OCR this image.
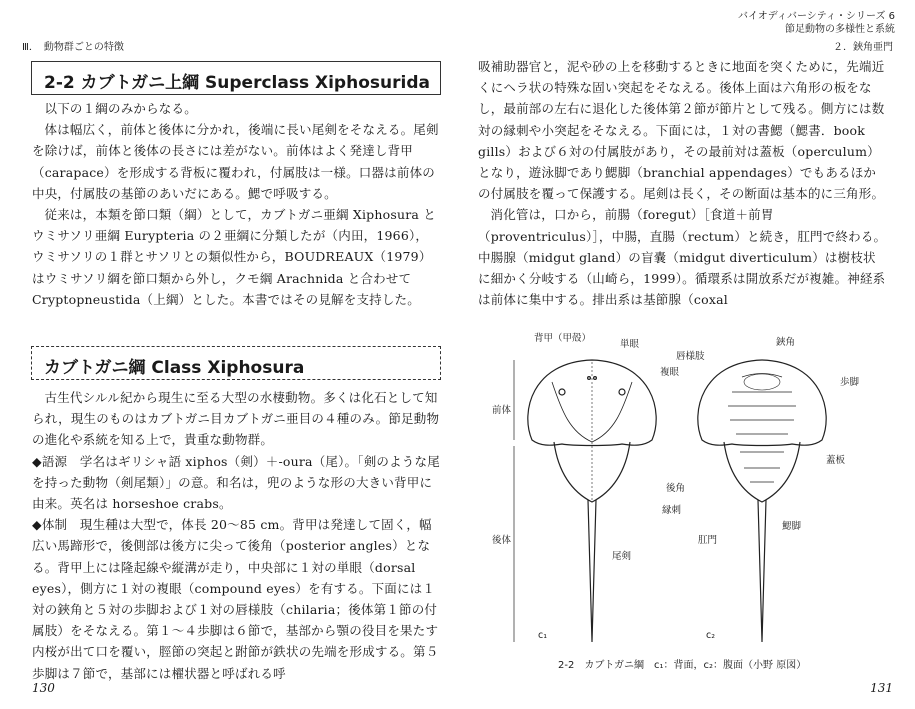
Ⅲ．　動物群ごとの特徴
2-2 カブトガニ上綱 Superclass Xiphosurida

以下の１綱のみからなる。

体は幅広く，前体と後体に分かれ，後端に長い尾剣をそなえる。尾剣を除けば，前体と後体の長さには差がない。前体はよく発達し背甲（carapace）を形成する背板に覆われ，付属肢は一様。口器は前体の中央，付属肢の基節のあいだにある。鰓で呼吸する。

従来は，本類を節口類（綱）として，カブトガニ亜綱 Xiphosura とウミサソリ亜綱 Eurypteria の２亜綱に分類したが（内田，1966），ウミサソリの１群とサソリとの類似性から，BOUDREAUX（1979）はウミサソリ綱を節口類から外し，クモ綱 Arachnida と合わせて Cryptopneustida（上綱）とした。本書ではその見解を支持した。

カブトガニ綱 Class Xiphosura

古生代シルル紀から現生に至る大型の水棲動物。多くは化石として知られ，現生のものはカブトガニ目カブトガニ亜目の４種のみ。節足動物の進化や系統を知る上で，貴重な動物群。

◆語源　学名はギリシャ語 xiphos（剣）＋-oura（尾）。「剣のような尾を持った動物（剣尾類）」の意。和名は，兜のような形の大きい背甲に由来。英名は horseshoe crabs。

◆体制　現生種は大型で，体長 20〜85 cm。背甲は発達して固く，幅広い馬蹄形で，後側部は後方に尖って後角（posterior angles）となる。背甲上には隆起線や縦溝が走り，中央部に１対の単眼（dorsal eyes），側方に１対の複眼（compound eyes）を有する。下面には１対の鋏角と５対の歩脚および１対の唇様肢（chilaria；後体第１節の付属肢）をそなえる。第１〜４歩脚は６節で，基部から顎の役目を果たす内桜が出て口を覆い，脛節の突起と跗節が鉄状の先端を形成する。第５歩脚は７節で，基部には櫂状器と呼ばれる呼

130
バイオディバーシティ・シリーズ 6
節足動物の多様性と系統
２．鋏角亜門

吸補助器官と，泥や砂の上を移動するときに地面を突くために，先端近くにヘラ状の特殊な固い突起をそなえる。後体上面は六角形の板をなし，最前部の左右に退化した後体第２節が節片として残る。側方には数対の縁刺や小突起をそなえる。下面には，１対の書鰓（鰓書．book gills）および６対の付属肢があり，その最前対は蓋板（operculum）となり，遊泳脚であり鰓脚（branchial appendages）でもあるほかの付属肢を覆って保護する。尾剣は長く，その断面は基本的に三角形。

消化管は，口から，前腸（foregut）［食道＋前胃（proventriculus）］，中腸，直腸（rectum）と続き，肛門で終わる。中腸腺（midgut gland）の盲嚢（midgut diverticulum）は樹枝状に細かく分岐する（山崎ら，1999）。循環系は開放系だが複雑。神経系は前体に集中する。排出系は基節腺（coxal

背甲（甲殻）
単眼
複眼
前体
後角
縁刺
後体
尾剣
唇様肢
鋏角
歩脚
蓋板
肛門
鰓脚
c₁	c₂
2-2　カブトガニ綱　c₁：背面，c₂：腹面（小野 原図）
131
